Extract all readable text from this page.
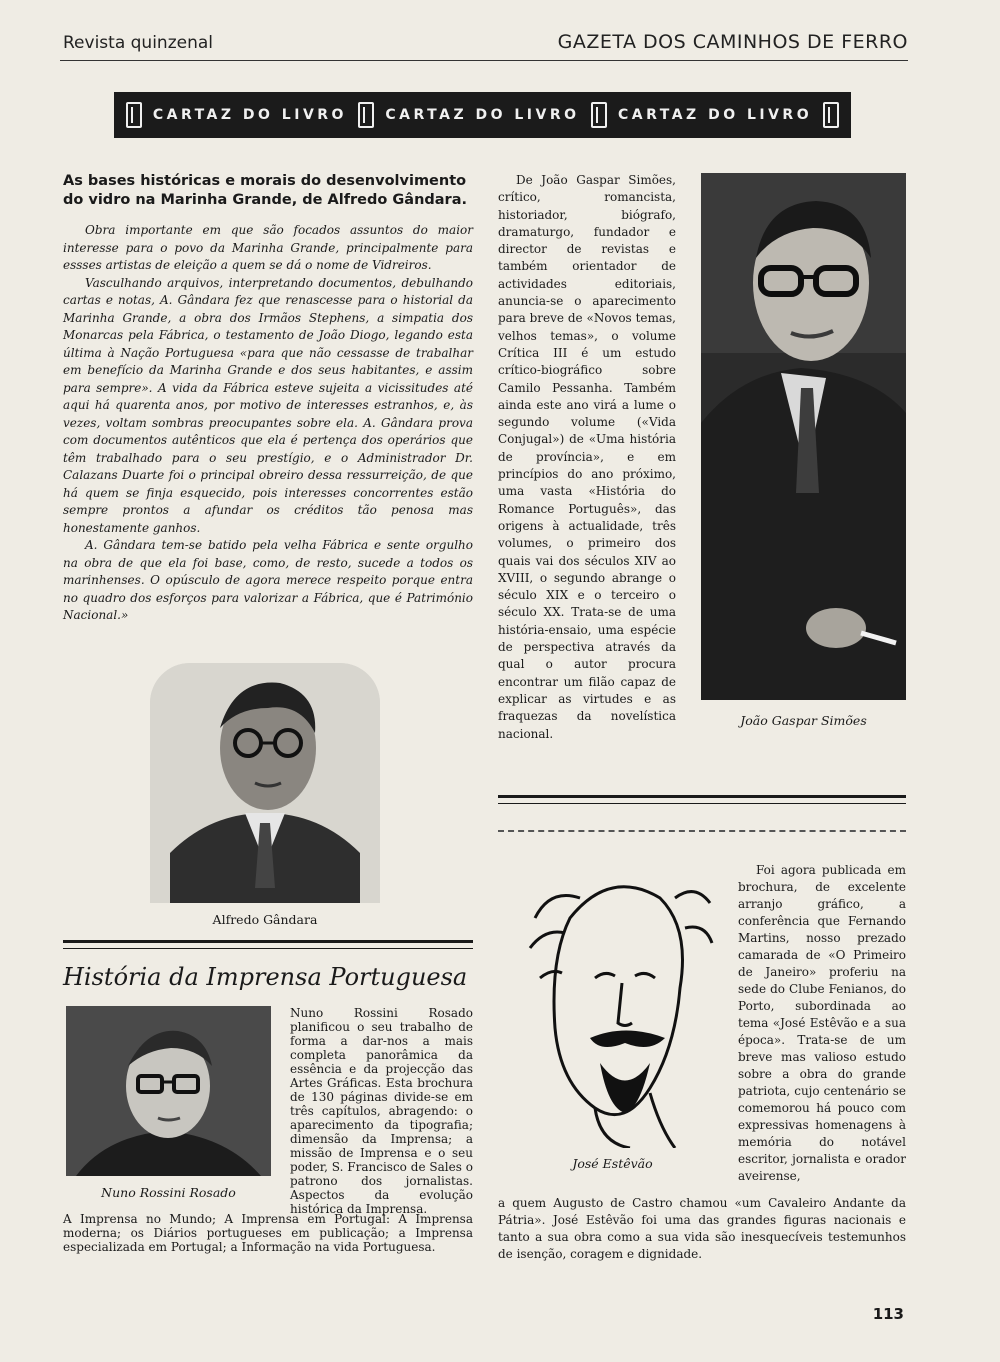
Revista quinzenal	GAZETA DOS CAMINHOS DE FERRO
CARTAZ DO LIVRO	CARTAZ DO LIVRO	CARTAZ DO LIVRO
As bases históricas e morais do desenvolvimento do vidro na Marinha Grande, de Alfredo Gândara.

Obra importante em que são focados assuntos do maior interesse para o povo da Marinha Grande, principalmente para essses artistas de eleição a quem se dá o nome de Vidreiros.

Vasculhando arquivos, interpretando documentos, debulhando cartas e notas, A. Gândara fez que renascesse para o historial da Marinha Grande, a obra dos Irmãos Stephens, a simpatia dos Monarcas pela Fábrica, o testamento de João Diogo, legando esta última à Nação Portuguesa «para que não cessasse de trabalhar em benefício da Marinha Grande e dos seus habitantes, e assim para sempre». A vida da Fábrica esteve sujeita a vicissitudes até aqui há quarenta anos, por motivo de interesses estranhos, e, às vezes, voltam sombras preocupantes sobre ela. A. Gândara prova com documentos autênticos que ela é pertença dos operários que têm trabalhado para o seu prestígio, e o Administrador Dr. Calazans Duarte foi o principal obreiro dessa ressurreição, de que há quem se finja esquecido, pois interesses concorrentes estão sempre prontos a afundar os créditos tão penosa mas honestamente ganhos.

A. Gândara tem-se batido pela velha Fábrica e sente orgulho na obra de que ela foi base, como, de resto, sucede a todos os marinhenses. O opúsculo de agora merece respeito porque entra no quadro dos esforços para valorizar a Fábrica, que é Património Nacional.»

Alfredo Gândara
História da Imprensa Portuguesa
Nuno Rossini Rosado
Nuno Rossini Rosado planificou o seu trabalho de forma a dar-nos a mais completa panorâmica da essência e da projecção das Artes Gráficas. Esta brochura de 130 páginas divide-se em três capítulos, abragendo: o aparecimento da tipografia; dimensão da Imprensa; a missão de Imprensa e o seu poder, S. Francisco de Sales o patrono dos jornalistas. Aspectos da evolução histórica da Imprensa.
A Imprensa no Mundo; A Imprensa em Portugal: A Imprensa moderna; os Diários portugueses em publicação; a Imprensa especializada em Portugal; a Informação na vida Portuguesa.

De João Gaspar Simões, crítico, romancista, historiador, biógrafo, dramaturgo, fundador e director de revistas e também orientador de actividades editoriais, anuncia-se o aparecimento para breve de «Novos temas, velhos temas», o volume Crítica III é um estudo crítico-biográfico sobre Camilo Pessanha. Também ainda este ano virá a lume o segundo volume («Vida Conjugal») de «Uma história de província», e em princípios do ano próximo, uma vasta «História do Romance Português», das origens à actualidade, três volumes, o primeiro dos quais vai dos séculos XIV ao XVIII, o segundo abrange o século XIX e o terceiro o século XX. Trata-se de uma história-ensaio, uma espécie de perspectiva através da qual o autor procura encontrar um filão capaz de explicar as virtudes e as fraquezas da novelística nacional.

João Gaspar Simões
José Estêvão

Foi agora publicada em brochura, de excelente arranjo gráfico, a conferência que Fernando Martins, nosso prezado camarada de «O Primeiro de Janeiro» proferiu na sede do Clube Fenianos, do Porto, subordinada ao tema «José Estêvão e a sua época». Trata-se de um breve mas valioso estudo sobre a obra do grande patriota, cujo centenário se comemorou há pouco com expressivas homenagens à memória do notável escritor, jornalista e orador aveirense,

a quem Augusto de Castro chamou «um Cavaleiro Andante da Pátria». José Estêvão foi uma das grandes figuras nacionais e tanto a sua obra como a sua vida são inesquecíveis testemunhos de isenção, coragem e dignidade.
113
